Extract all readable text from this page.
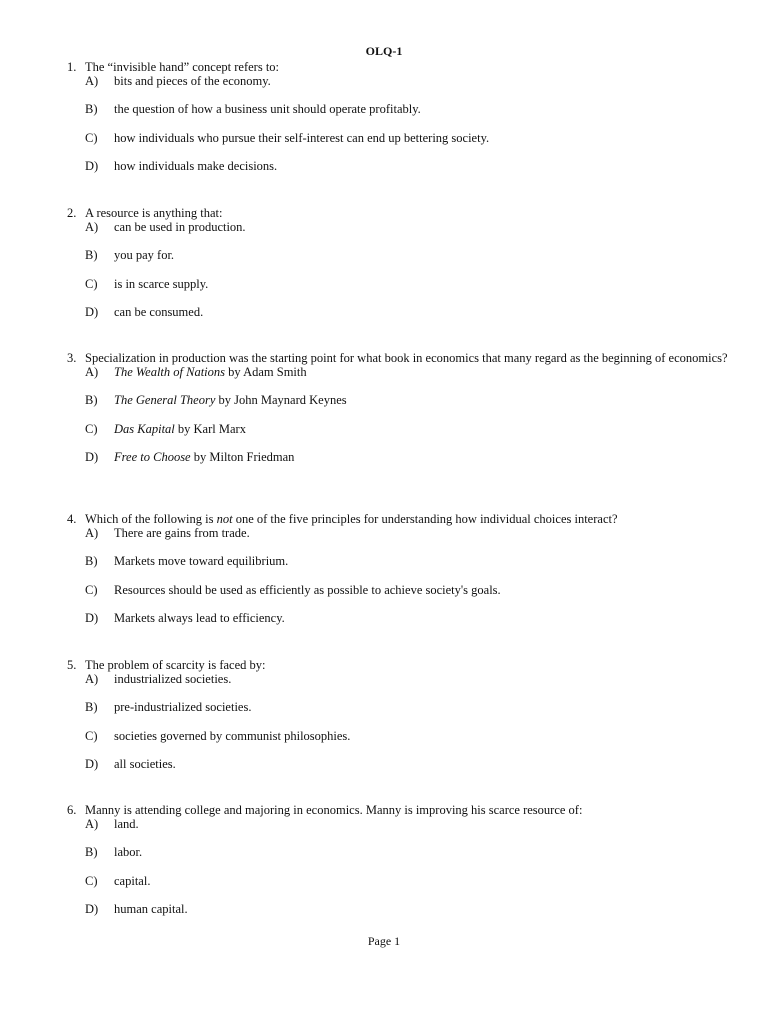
OLQ-1
1. The “invisible hand” concept refers to:
A) bits and pieces of the economy.
B) the question of how a business unit should operate profitably.
C) how individuals who pursue their self-interest can end up bettering society.
D) how individuals make decisions.
2. A resource is anything that:
A) can be used in production.
B) you pay for.
C) is in scarce supply.
D) can be consumed.
3. Specialization in production was the starting point for what book in economics that many regard as the beginning of economics?
A) The Wealth of Nations by Adam Smith
B) The General Theory by John Maynard Keynes
C) Das Kapital by Karl Marx
D) Free to Choose by Milton Friedman
4. Which of the following is not one of the five principles for understanding how individual choices interact?
A) There are gains from trade.
B) Markets move toward equilibrium.
C) Resources should be used as efficiently as possible to achieve society's goals.
D) Markets always lead to efficiency.
5. The problem of scarcity is faced by:
A) industrialized societies.
B) pre-industrialized societies.
C) societies governed by communist philosophies.
D) all societies.
6. Manny is attending college and majoring in economics. Manny is improving his scarce resource of:
A) land.
B) labor.
C) capital.
D) human capital.
Page 1
